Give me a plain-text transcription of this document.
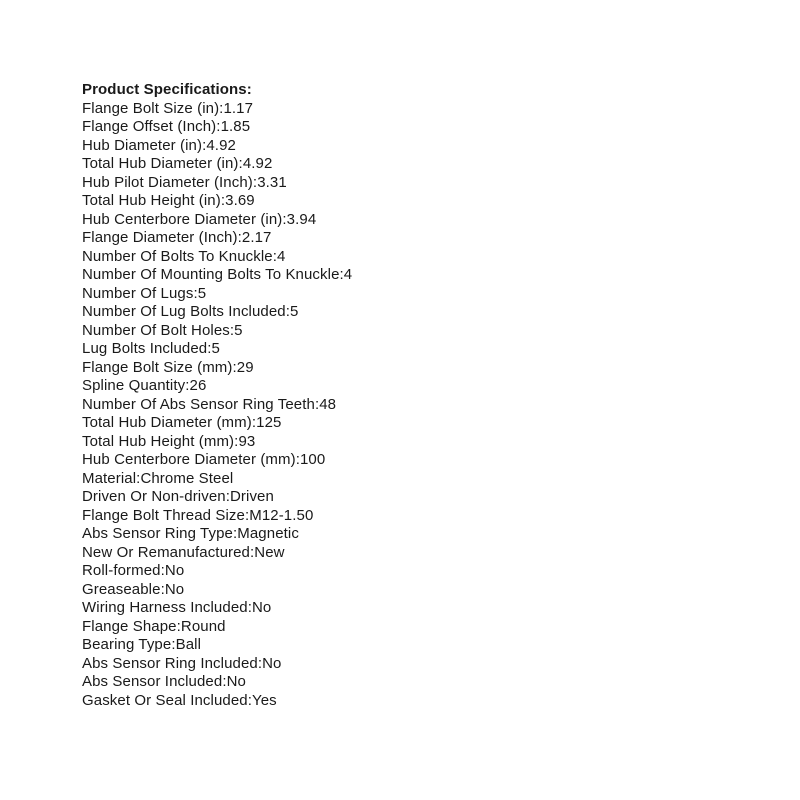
Product Specifications:
Flange Bolt Size (in):1.17
Flange Offset (Inch):1.85
Hub Diameter (in):4.92
Total Hub Diameter (in):4.92
Hub Pilot Diameter (Inch):3.31
Total Hub Height (in):3.69
Hub Centerbore Diameter (in):3.94
Flange Diameter (Inch):2.17
Number Of Bolts To Knuckle:4
Number Of Mounting Bolts To Knuckle:4
Number Of Lugs:5
Number Of Lug Bolts Included:5
Number Of Bolt Holes:5
Lug Bolts Included:5
Flange Bolt Size (mm):29
Spline Quantity:26
Number Of Abs Sensor Ring Teeth:48
Total Hub Diameter (mm):125
Total Hub Height (mm):93
Hub Centerbore Diameter (mm):100
Material:Chrome Steel
Driven Or Non-driven:Driven
Flange Bolt Thread Size:M12-1.50
Abs Sensor Ring Type:Magnetic
New Or Remanufactured:New
Roll-formed:No
Greaseable:No
Wiring Harness Included:No
Flange Shape:Round
Bearing Type:Ball
Abs Sensor Ring Included:No
Abs Sensor Included:No
Gasket Or Seal Included:Yes
